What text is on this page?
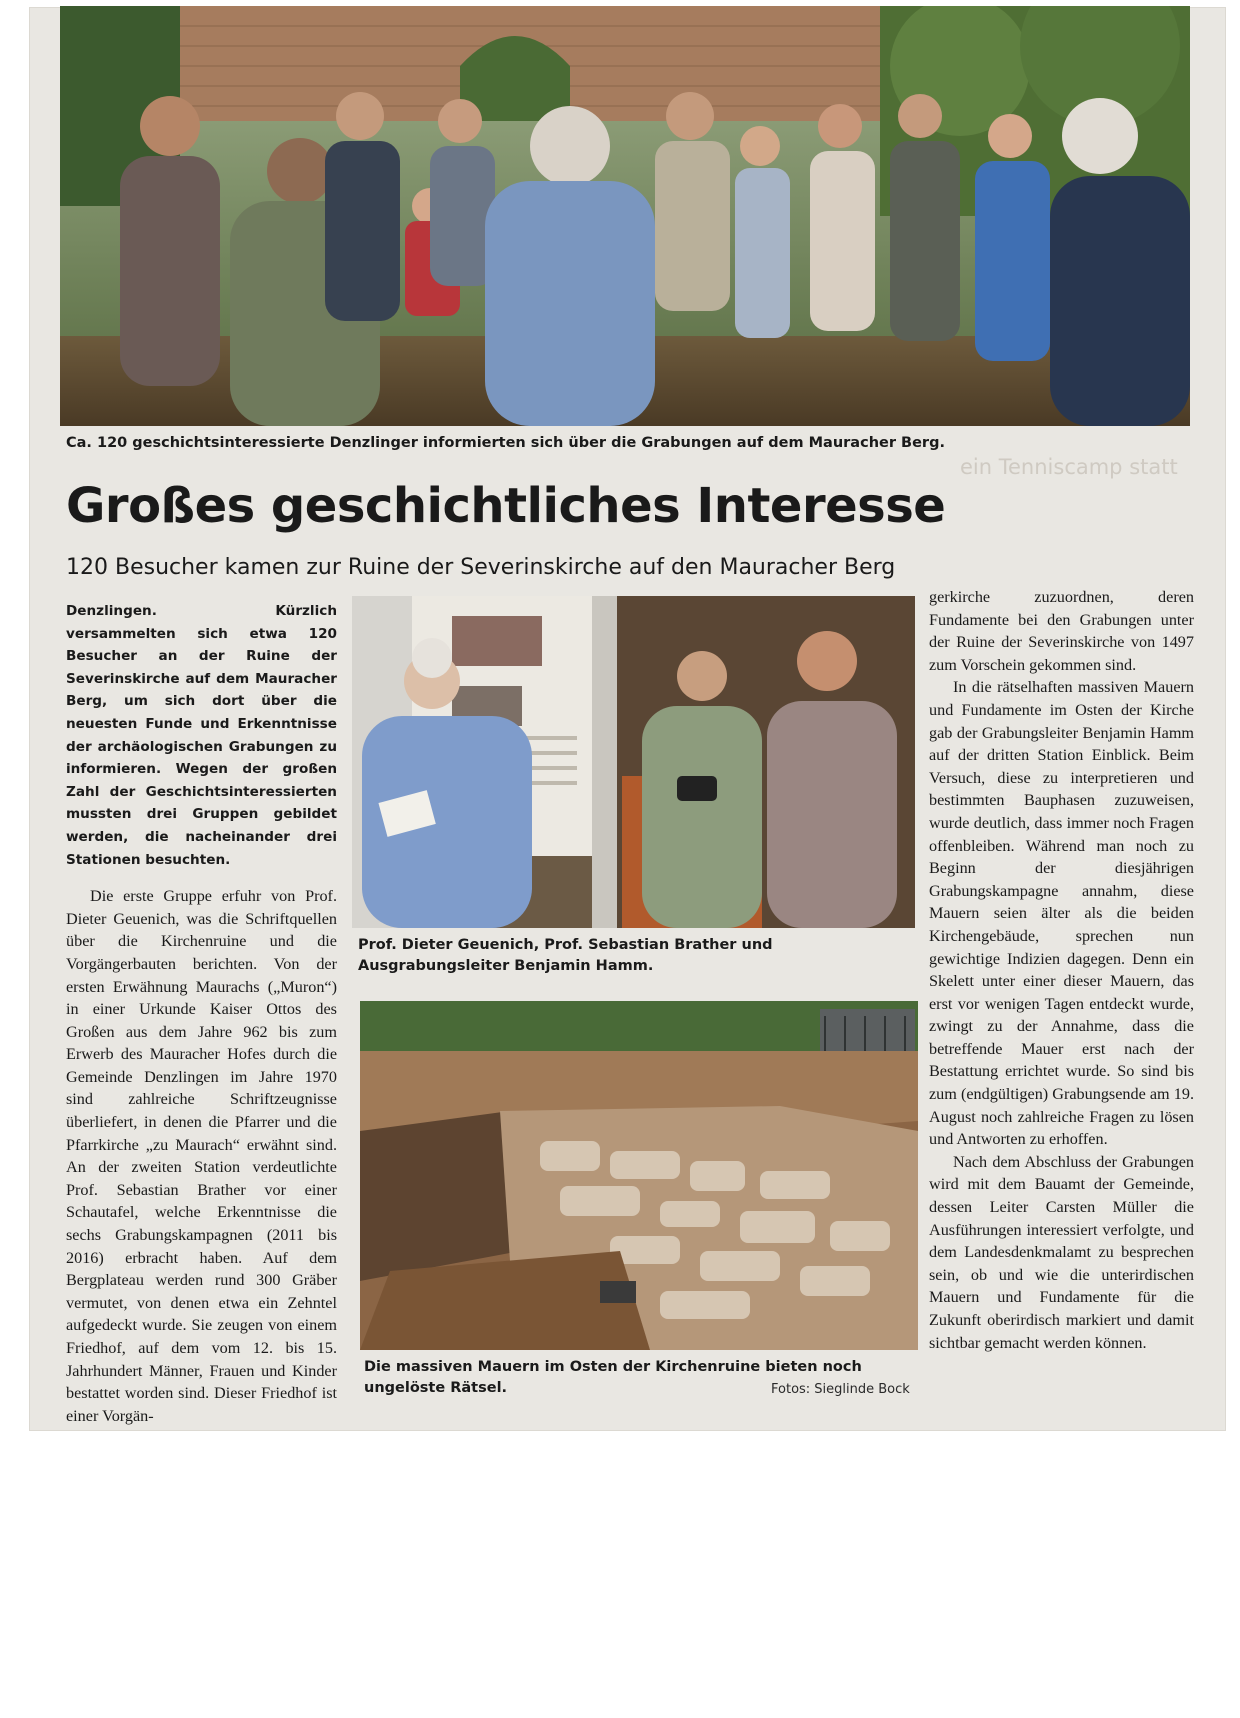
ein Tenniscamp statt
Ca. 120 geschichtsinteressierte Denzlinger informierten sich über die Grabungen auf dem Mauracher Berg.
Großes geschichtliches Interesse
120 Besucher kamen zur Ruine der Severinskirche auf den Mauracher Berg

Denzlingen. Kürzlich versammelten sich etwa 120 Besucher an der Ruine der Severinskirche auf dem Mauracher Berg, um sich dort über die neuesten Funde und Erkenntnisse der archäologischen Grabungen zu informieren. Wegen der großen Zahl der Geschichtsinteressierten mussten drei Gruppen gebildet werden, die nacheinander drei Stationen besuchten.

Die erste Gruppe erfuhr von Prof. Dieter Geuenich, was die Schriftquellen über die Kirchenruine und die Vorgängerbauten berichten. Von der ersten Erwähnung Maurachs („Muron“) in einer Urkunde Kaiser Ottos des Großen aus dem Jahre 962 bis zum Erwerb des Mauracher Hofes durch die Gemeinde Denzlingen im Jahre 1970 sind zahlreiche Schriftzeugnisse überliefert, in denen die Pfarrer und die Pfarrkirche „zu Maurach“ erwähnt sind. An der zweiten Station verdeutlichte Prof. Sebastian Brather vor einer Schautafel, welche Erkenntnisse die sechs Grabungskampagnen (2011 bis 2016) erbracht haben. Auf dem Bergplateau werden rund 300 Gräber vermutet, von denen etwa ein Zehntel aufgedeckt wurde. Sie zeugen von einem Friedhof, auf dem vom 12. bis 15. Jahrhundert Männer, Frauen und Kinder bestattet worden sind. Dieser Friedhof ist einer Vorgän-

Prof. Dieter Geuenich, Prof. Sebastian Brather und Ausgrabungsleiter Benjamin Hamm.
Die massiven Mauern im Osten der Kirchenruine bieten noch ungelöste Rätsel.	Fotos: Sieglinde Bock

gerkirche zuzuordnen, deren Fundamente bei den Grabungen unter der Ruine der Severinskirche von 1497 zum Vorschein gekommen sind.

In die rätselhaften massiven Mauern und Fundamente im Osten der Kirche gab der Grabungsleiter Benjamin Hamm auf der dritten Station Einblick. Beim Versuch, diese zu interpretieren und bestimmten Bauphasen zuzuweisen, wurde deutlich, dass immer noch Fragen offenbleiben. Während man noch zu Beginn der diesjährigen Grabungskampagne annahm, diese Mauern seien älter als die beiden Kirchengebäude, sprechen nun gewichtige Indizien dagegen. Denn ein Skelett unter einer dieser Mauern, das erst vor wenigen Tagen entdeckt wurde, zwingt zu der Annahme, dass die betreffende Mauer erst nach der Bestattung errichtet wurde. So sind bis zum (endgültigen) Grabungsende am 19. August noch zahlreiche Fragen zu lösen und Antworten zu erhoffen.

Nach dem Abschluss der Grabungen wird mit dem Bauamt der Gemeinde, dessen Leiter Carsten Müller die Ausführungen interessiert verfolgte, und dem Landesdenkmalamt zu besprechen sein, ob und wie die unterirdischen Mauern und Fundamente für die Zukunft oberirdisch markiert und damit sichtbar gemacht werden können.
